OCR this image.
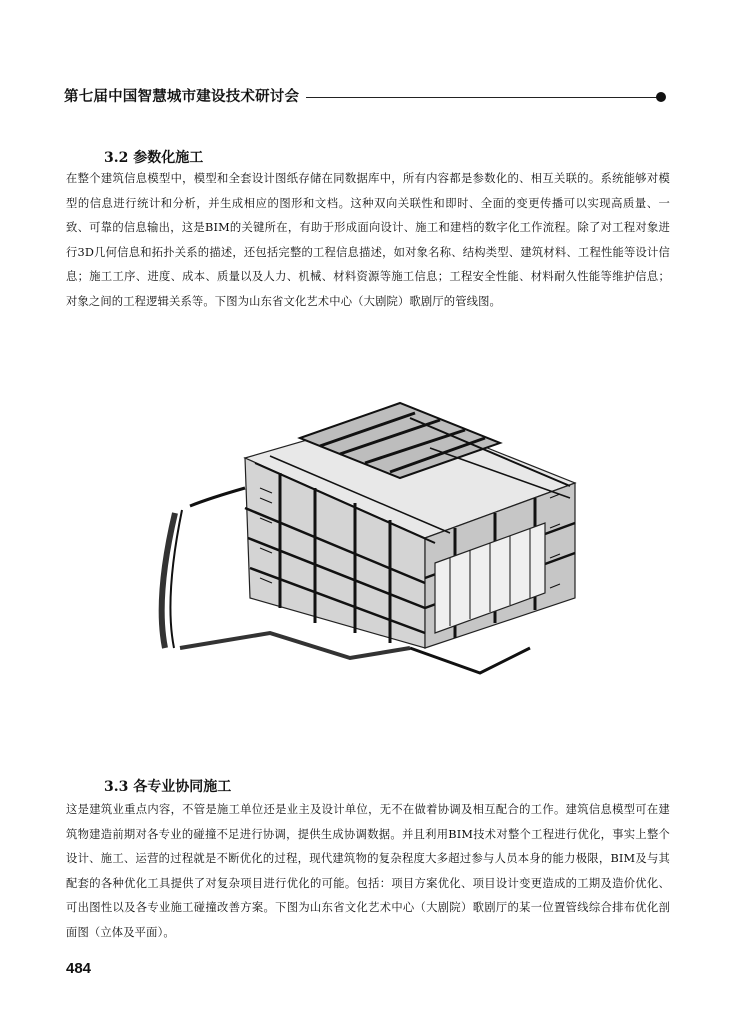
第七届中国智慧城市建设技术研讨会
3.2 参数化施工
在整个建筑信息模型中，模型和全套设计图纸存储在同数据库中，所有内容都是参数化的、相互关联的。系统能够对模型的信息进行统计和分析，并生成相应的图形和文档。这种双向关联性和即时、全面的变更传播可以实现高质量、一致、可靠的信息输出，这是BIM的关键所在，有助于形成面向设计、施工和建档的数字化工作流程。除了对工程对象进行3D几何信息和拓扑关系的描述，还包括完整的工程信息描述，如对象名称、结构类型、建筑材料、工程性能等设计信息；施工工序、进度、成本、质量以及人力、机械、材料资源等施工信息；工程安全性能、材料耐久性能等维护信息；对象之间的工程逻辑关系等。下图为山东省文化艺术中心（大剧院）歌剧厅的管线图。
3.3 各专业协同施工
这是建筑业重点内容，不管是施工单位还是业主及设计单位，无不在做着协调及相互配合的工作。建筑信息模型可在建筑物建造前期对各专业的碰撞不足进行协调，提供生成协调数据。并且利用BIM技术对整个工程进行优化，事实上整个设计、施工、运营的过程就是不断优化的过程，现代建筑物的复杂程度大多超过参与人员本身的能力极限，BIM及与其配套的各种优化工具提供了对复杂项目进行优化的可能。包括：项目方案优化、项目设计变更造成的工期及造价优化、可出图性以及各专业施工碰撞改善方案。下图为山东省文化艺术中心（大剧院）歌剧厅的某一位置管线综合排布优化剖面图（立体及平面）。
484
